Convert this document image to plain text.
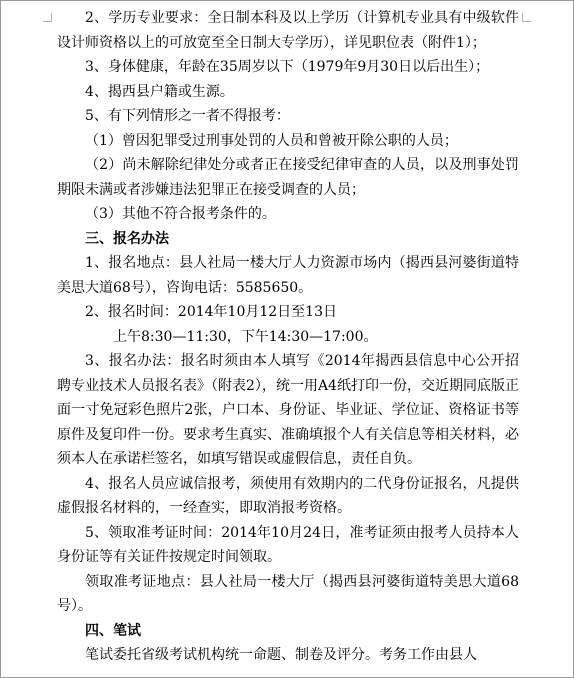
2、学历专业要求：全日制本科及以上学历（计算机专业具有中级软件设计师资格以上的可放宽至全日制大专学历），详见职位表（附件1）；

3、身体健康，年龄在35周岁以下（1979年9月30日以后出生）；

4、揭西县户籍或生源。

5、有下列情形之一者不得报考：

（1）曾因犯罪受过刑事处罚的人员和曾被开除公职的人员；

（2）尚未解除纪律处分或者正在接受纪律审查的人员，以及刑事处罚期限未满或者涉嫌违法犯罪正在接受调查的人员；

（3）其他不符合报考条件的。

三、报名办法

1、报名地点：县人社局一楼大厅人力资源市场内（揭西县河婆街道特美思大道68号），咨询电话：5585650。

2、报名时间：2014年10月12日至13日

上午8:30—11:30，下午14:30—17:00。

3、报名办法：报名时须由本人填写《2014年揭西县信息中心公开招聘专业技术人员报名表》（附表2），统一用A4纸打印一份，交近期同底版正面一寸免冠彩色照片2张，户口本、身份证、毕业证、学位证、资格证书等原件及复印件一份。要求考生真实、准确填报个人有关信息等相关材料，必须本人在承诺栏签名，如填写错误或虚假信息，责任自负。

4、报名人员应诚信报考，须使用有效期内的二代身份证报名，凡提供虚假报名材料的，一经查实，即取消报考资格。

5、领取准考证时间：2014年10月24日，准考证须由报考人员持本人身份证等有关证件按规定时间领取。

领取准考证地点：县人社局一楼大厅（揭西县河婆街道特美思大道68号）。

四、笔试

笔试委托省级考试机构统一命题、制卷及评分。考务工作由县人
